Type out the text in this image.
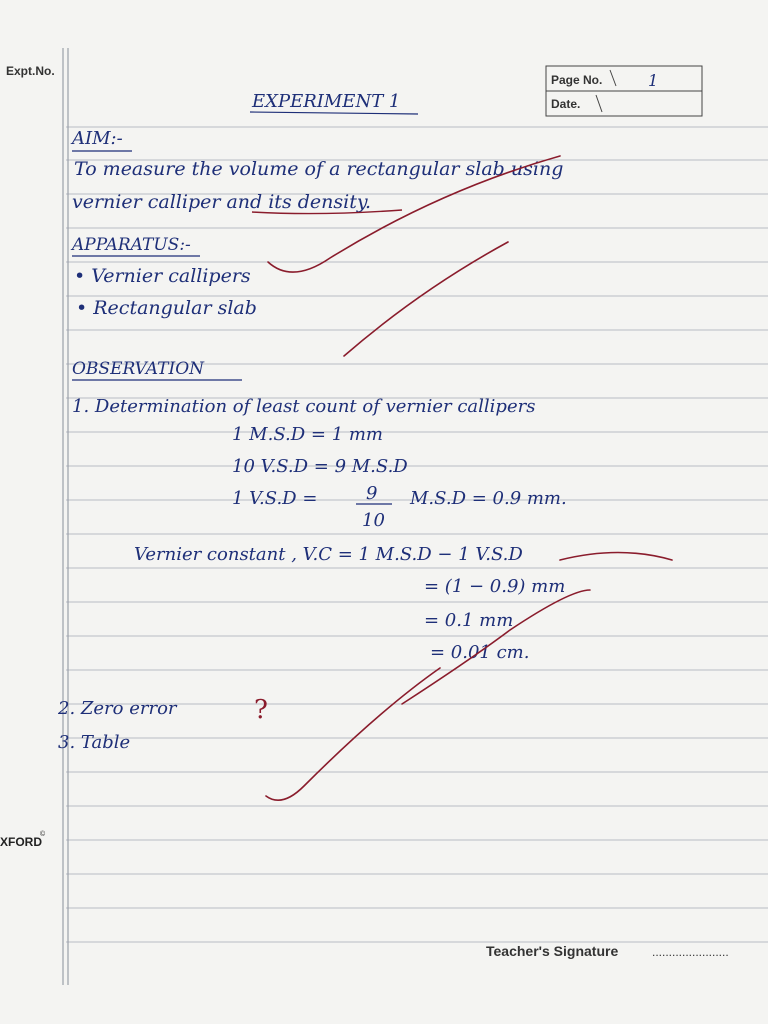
Expt.No.
Page No.	1
Date.
EXPERIMENT 1
AIM:-
To measure the volume of a rectangular slab using
vernier calliper and its density.
APPARATUS:-
• Vernier callipers
• Rectangular slab
OBSERVATION
1. Determination of least count of vernier callipers
1 M.S.D = 1 mm
10 V.S.D = 9 M.S.D
1 V.S.D =	9
10
M.S.D = 0.9 mm.
Vernier constant , V.C = 1 M.S.D − 1 V.S.D
= (1 − 0.9) mm
= 0.1 mm
= 0.01 cm.
2. Zero error	?
3. Table
XFORD
©
Teacher's Signature	.......................
